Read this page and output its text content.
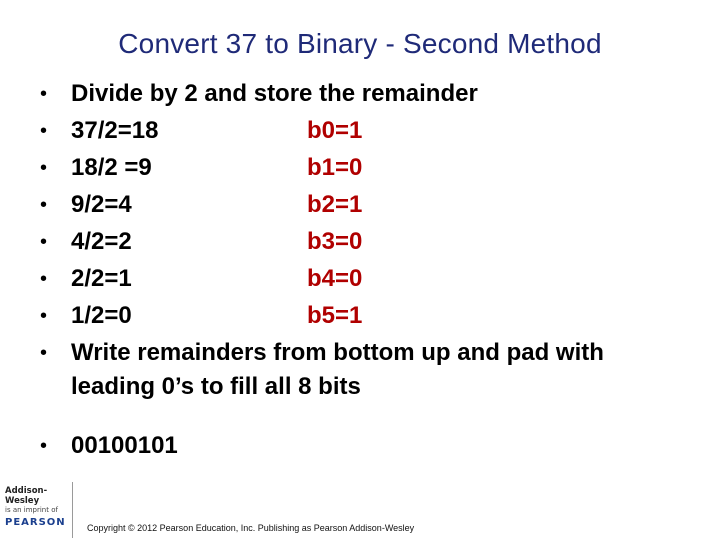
Convert 37 to Binary - Second Method
• Divide by 2 and store the remainder
• 37/2=18	b0=1
• 18/2 =9	b1=0
• 9/2=4	b2=1
• 4/2=2	b3=0
• 2/2=1	b4=0
• 1/2=0	b5=1
• Write remainders from bottom up and pad with leading 0’s to fill all 8 bits
• 00100101
Addison-Wesley
is an imprint of
PEARSON	Copyright © 2012 Pearson Education, Inc. Publishing as Pearson Addison-Wesley
